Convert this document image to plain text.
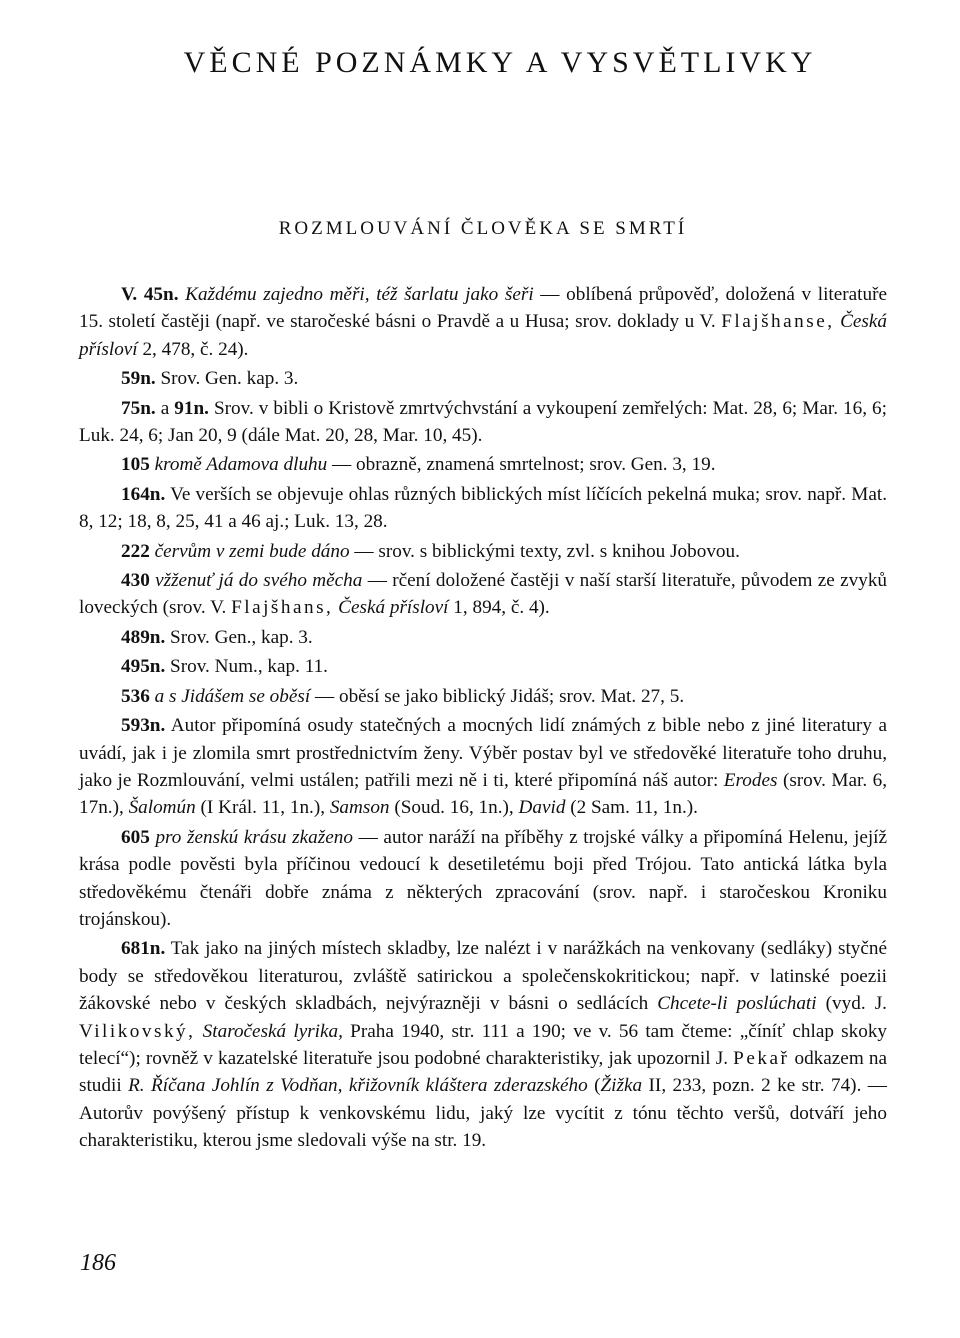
VĚCNÉ POZNÁMKY A VYSVĚTLIVKY
ROZMLOUVÁNÍ ČLOVĚKA SE SMRTÍ

V. 45n. Každému zajedno měři, též šarlatu jako šeři — oblíbená průpověď, doložená v literatuře 15. století častěji (např. ve staročeské básni o Pravdě a u Husa; srov. doklady u V. Flajšhanse, Česká přísloví 2, 478, č. 24).

59n. Srov. Gen. kap. 3.

75n. a 91n. Srov. v bibli o Kristově zmrtvýchvstání a vykoupení zemřelých: Mat. 28, 6; Mar. 16, 6; Luk. 24, 6; Jan 20, 9 (dále Mat. 20, 28, Mar. 10, 45).

105 kromě Adamova dluhu — obrazně, znamená smrtelnost; srov. Gen. 3, 19.

164n. Ve verších se objevuje ohlas různých biblických míst líčících pekelná muka; srov. např. Mat. 8, 12; 18, 8, 25, 41 a 46 aj.; Luk. 13, 28.

222 červům v zemi bude dáno — srov. s biblickými texty, zvl. s knihou Jobovou.

430 vžženuť já do svého měcha — rčení doložené častěji v naší starší literatuře, původem ze zvyků loveckých (srov. V. Flajšhans, Česká přísloví 1, 894, č. 4).

489n. Srov. Gen., kap. 3.

495n. Srov. Num., kap. 11.

536 a s Jidášem se oběsí — oběsí se jako biblický Jidáš; srov. Mat. 27, 5.

593n. Autor připomíná osudy statečných a mocných lidí známých z bible nebo z jiné literatury a uvádí, jak i je zlomila smrt prostřednictvím ženy. Výběr postav byl ve středověké literatuře toho druhu, jako je Rozmlouvání, velmi ustálen; patřili mezi ně i ti, které připomíná náš autor: Erodes (srov. Mar. 6, 17n.), Šalomún (I Král. 11, 1n.), Samson (Soud. 16, 1n.), David (2 Sam. 11, 1n.).

605 pro ženskú krásu zkaženo — autor naráží na příběhy z trojské války a připomíná Helenu, jejíž krása podle pověsti byla příčinou vedoucí k desetiletému boji před Trójou. Tato antická látka byla středověkému čtenáři dobře známa z některých zpracování (srov. např. i staročeskou Kroniku trojánskou).

681n. Tak jako na jiných místech skladby, lze nalézt i v narážkách na venkovany (sedláky) styčné body se středověkou literaturou, zvláště satirickou a společenskokritickou; např. v latinské poezii žákovské nebo v českých skladbách, nejvýrazněji v básni o sedlácích Chcete-li poslúchati (vyd. J. Vilikovský, Staročeská lyrika, Praha 1940, str. 111 a 190; ve v. 56 tam čteme: „číníť chlap skoky telecí“); rovněž v kazatelské literatuře jsou podobné charakteristiky, jak upozornil J. Pekař odkazem na studii R. Říčana Johlín z Vodňan, křižovník kláštera zderazského (Žižka II, 233, pozn. 2 ke str. 74). — Autorův povýšený přístup k venkovskému lidu, jaký lze vycítit z tónu těchto veršů, dotváří jeho charakteristiku, kterou jsme sledovali výše na str. 19.

186
